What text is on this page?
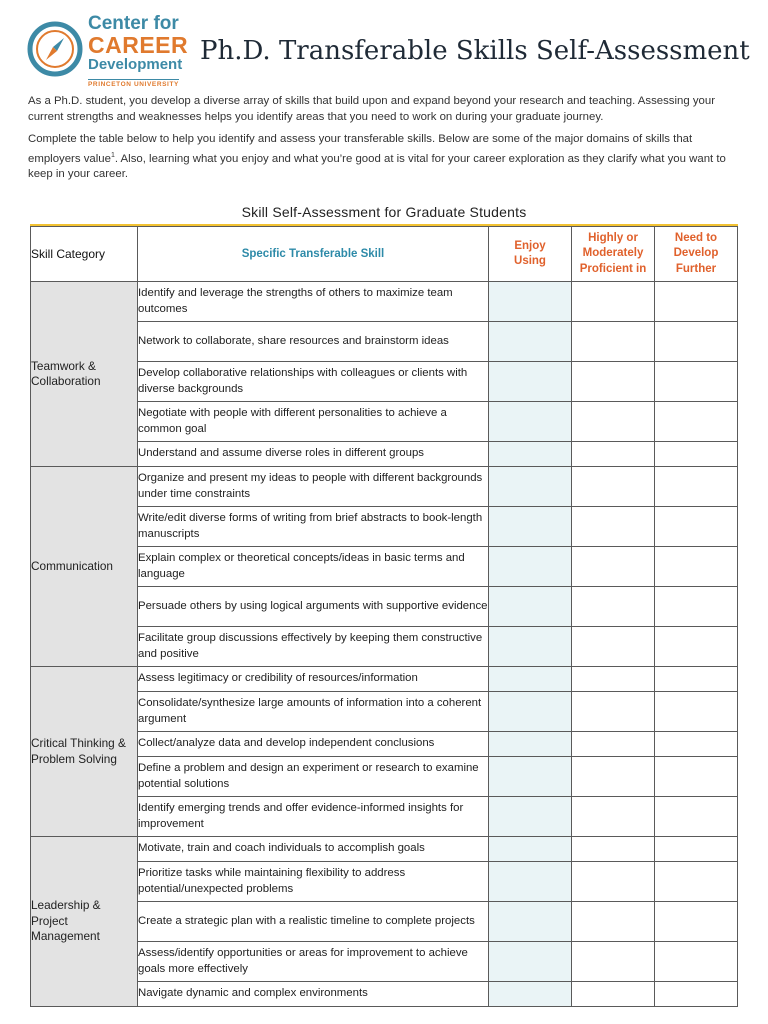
Center for
CAREER
Development
PRINCETON UNIVERSITY
Ph.D. Transferable Skills Self-Assessment

As a Ph.D. student, you develop a diverse array of skills that build upon and expand beyond your research and teaching. Assessing your current strengths and weaknesses helps you identify areas that you need to work on during your graduate journey.

Complete the table below to help you identify and assess your transferable skills. Below are some of the major domains of skills that employers value$^1$. Also, learning what you enjoy and what you’re good at is vital for your career exploration as they clarify what you want to keep in your career.

Skill Self-Assessment for Graduate Students
Skill Category	Specific Transferable Skill	Enjoy Using	Highly or Moderately Proficient in	Need to Develop Further

Teamwork & Collaboration	Identify and leverage the strengths of others to maximize team outcomes			
	Network to collaborate, share resources and brainstorm ideas			
	Develop collaborative relationships with colleagues or clients with diverse backgrounds			
	Negotiate with people with different personalities to achieve a common goal			
	Understand and assume diverse roles in different groups			
Communication	Organize and present my ideas to people with different backgrounds under time constraints			
	Write/edit diverse forms of writing from brief abstracts to book-length manuscripts			
	Explain complex or theoretical concepts/ideas in basic terms and language			
	Persuade others by using logical arguments with supportive evidence			
	Facilitate group discussions effectively by keeping them constructive and positive			
Critical Thinking & Problem Solving	Assess legitimacy or credibility of resources/information			
	Consolidate/synthesize large amounts of information into a coherent argument			
	Collect/analyze data and develop independent conclusions			
	Define a problem and design an experiment or research to examine potential solutions			
	Identify emerging trends and offer evidence-informed insights for improvement			
Leadership & Project Management	Motivate, train and coach individuals to accomplish goals			
	Prioritize tasks while maintaining flexibility to address potential/unexpected problems			
	Create a strategic plan with a realistic timeline to complete projects			
	Assess/identify opportunities or areas for improvement to achieve goals more effectively			
	Navigate dynamic and complex environments			
